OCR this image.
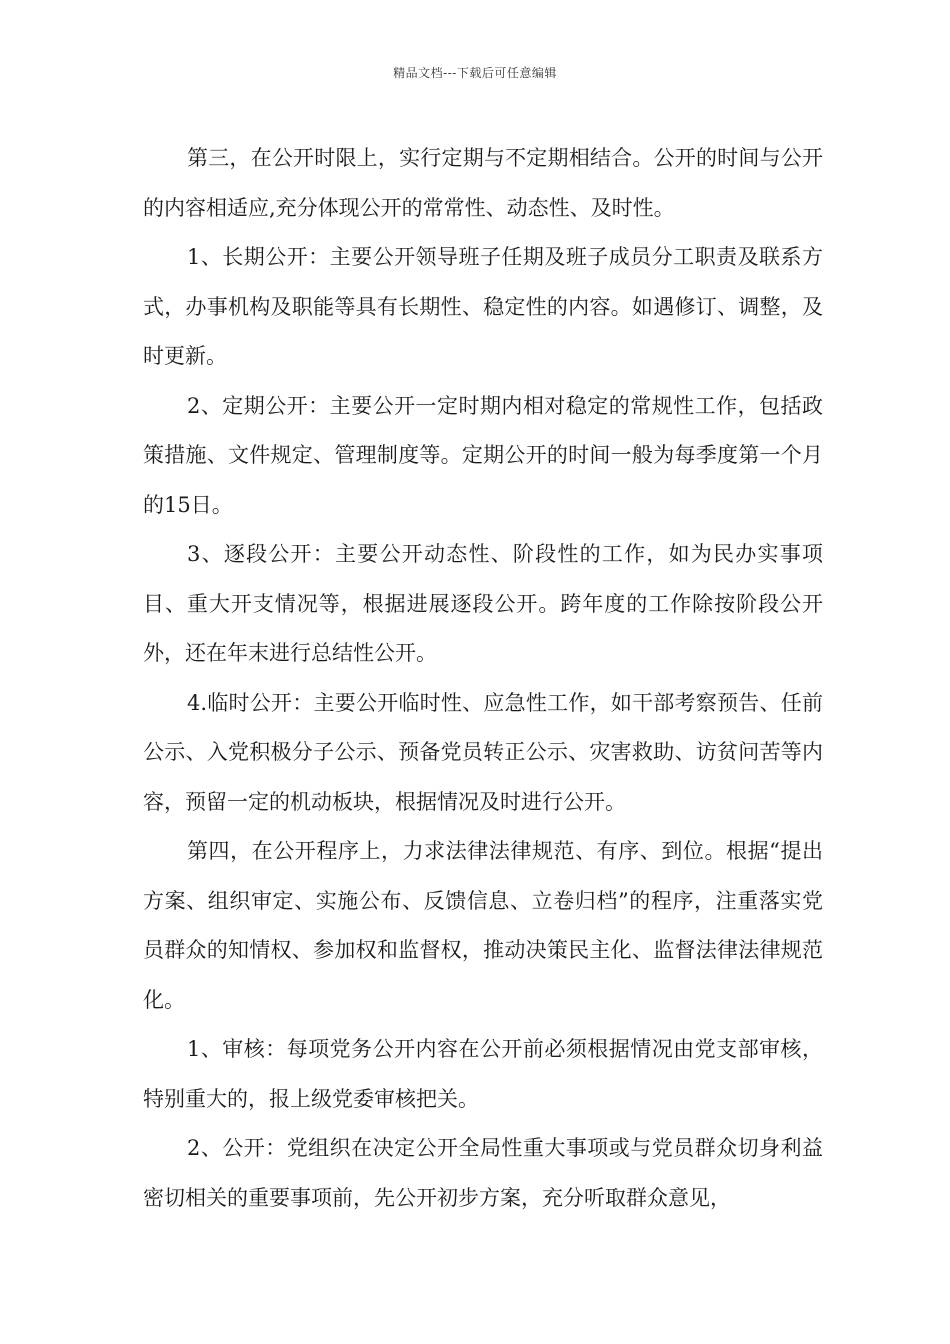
精品文档---下载后可任意编辑

第三，在公开时限上，实行定期与不定期相结合。公开的时间与公开的内容相适应,充分体现公开的常常性、动态性、及时性。

1、长期公开：主要公开领导班子任期及班子成员分工职责及联系方式，办事机构及职能等具有长期性、稳定性的内容。如遇修订、调整，及时更新。

2、定期公开：主要公开一定时期内相对稳定的常规性工作，包括政策措施、文件规定、管理制度等。定期公开的时间一般为每季度第一个月的15日。

3、逐段公开：主要公开动态性、阶段性的工作，如为民办实事项目、重大开支情况等，根据进展逐段公开。跨年度的工作除按阶段公开外，还在年末进行总结性公开。

4.临时公开：主要公开临时性、应急性工作，如干部考察预告、任前公示、入党积极分子公示、预备党员转正公示、灾害救助、访贫问苦等内容，预留一定的机动板块，根据情况及时进行公开。

第四，在公开程序上，力求法律法律规范、有序、到位。根据“提出方案、组织审定、实施公布、反馈信息、立卷归档”的程序，注重落实党员群众的知情权、参加权和监督权，推动决策民主化、监督法律法律规范化。

1、审核：每项党务公开内容在公开前必须根据情况由党支部审核，特别重大的，报上级党委审核把关。

2、公开：党组织在决定公开全局性重大事项或与党员群众切身利益密切相关的重要事项前，先公开初步方案，充分听取群众意见，
